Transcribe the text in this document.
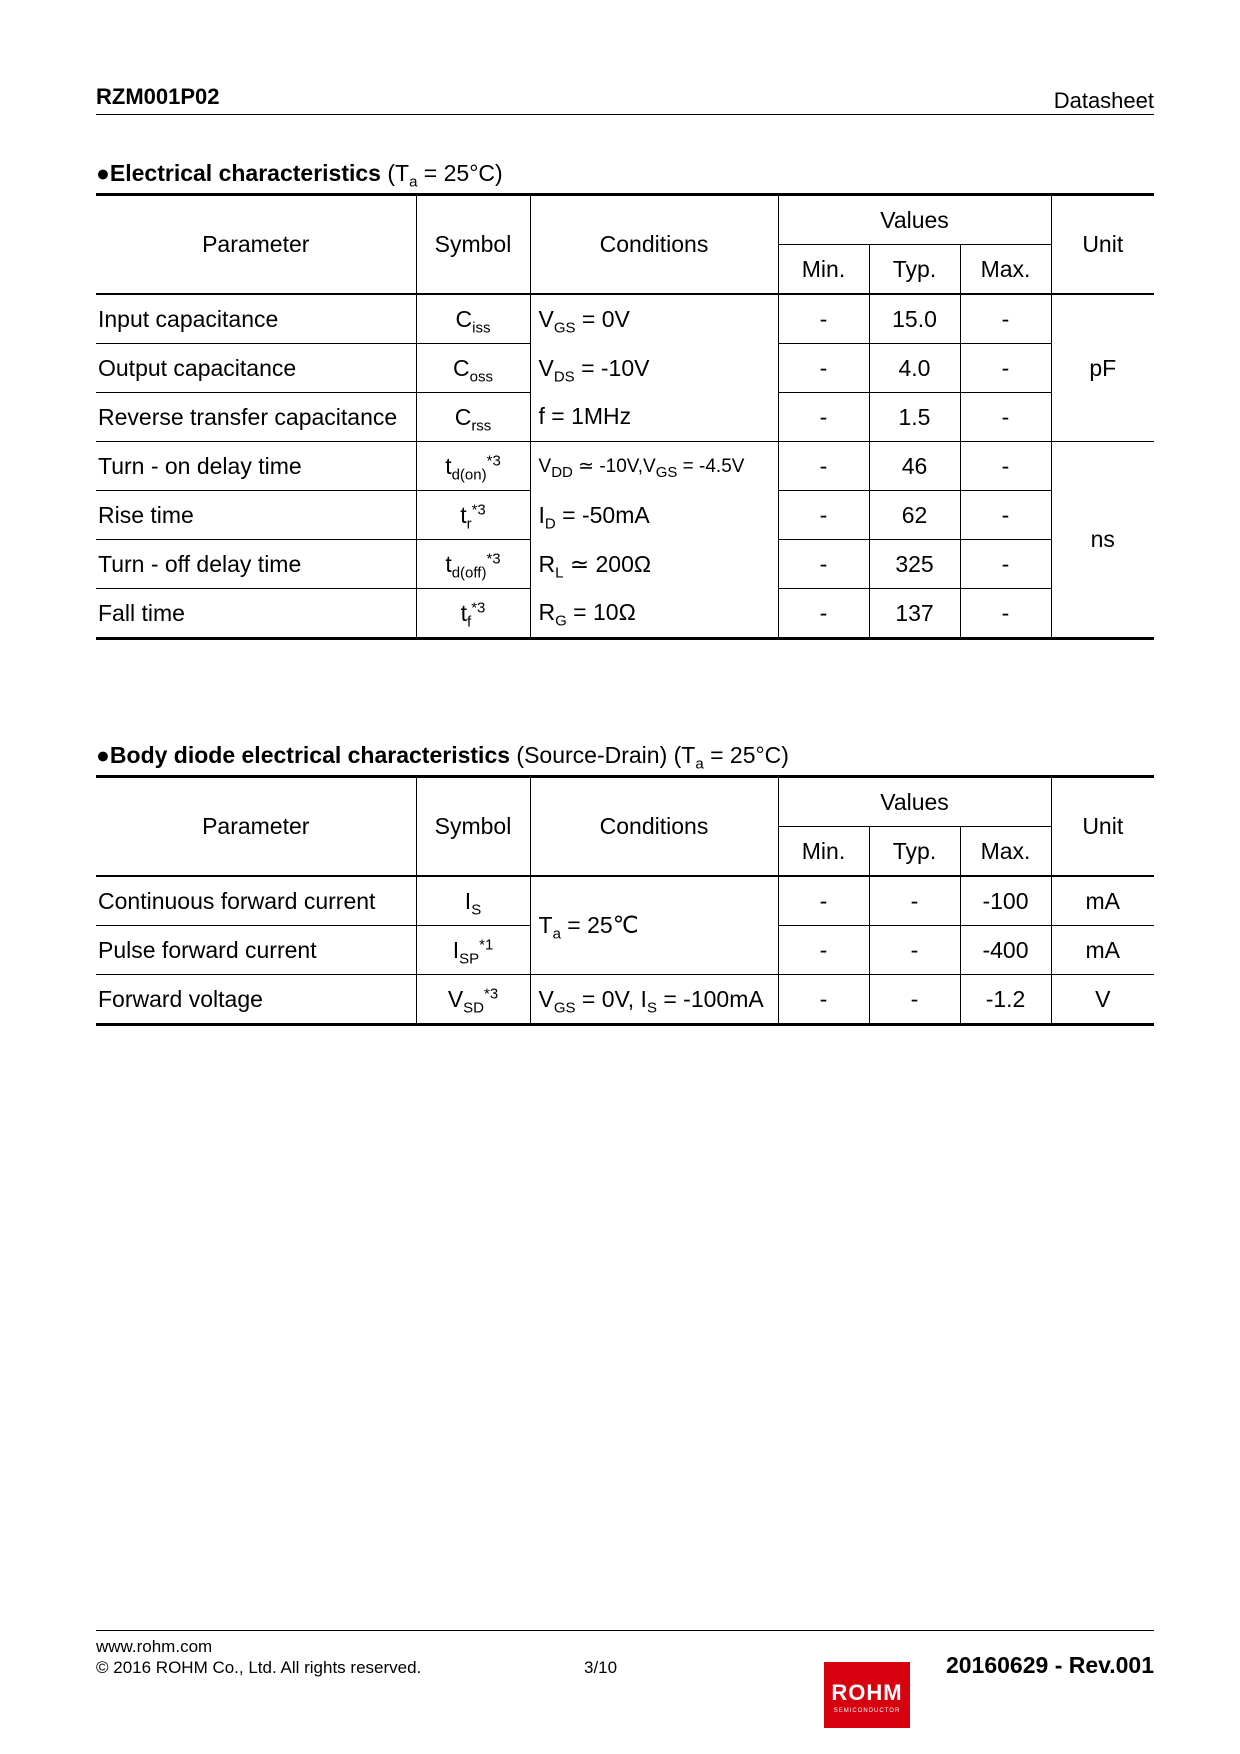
RZM001P02	Datasheet
●Electrical characteristics $(T_a = 25^\circ C)$
Parameter	Symbol	Conditions	Values			Unit
			Min.	Typ.	Max.	
Input capacitance	$C_{iss}$	$V_{GS} = 0V$	-	15.0	-	pF
Output capacitance	$C_{oss}$	$V_{DS} = -10V$	-	4.0	-	
Reverse transfer capacitance	$C_{rss}$	f = 1MHz	-	1.5	-	
Turn - on delay time	$t_{d(on)}^{*3}$	$V_{DD}$ ≃ $-10V,V_{GS} = -4.5V$	-	46	-	ns
Rise time	$t_r^{*3}$	$I_D = -50mA$	-	62	-	
Turn - off delay time	$t_{d(off)}^{*3}$	$R_L$ ≃ 200Ω	-	325	-	
Fall time	$t_f^{*3}$	$R_G = 10\Omega$	-	137	-	
●Body diode electrical characteristics (Source-Drain) $(T_a = 25^\circ C)$
Parameter	Symbol	Conditions	Values			Unit
			Min.	Typ.	Max.	
Continuous forward current	$I_S$	$T_a$ = 25℃	-	-	-100	mA
Pulse forward current	$I_{SP}^{*1}$		-	-	-400	mA
Forward voltage	$V_{SD}^{*3}$	$V_{GS} = 0V$, $I_S = -100mA$	-	-	-1.2	V
www.rohm.com
© 2016 ROHM Co., Ltd. All rights reserved.	3/10	20160629 - Rev.001
ROHM
SEMICONDUCTOR
